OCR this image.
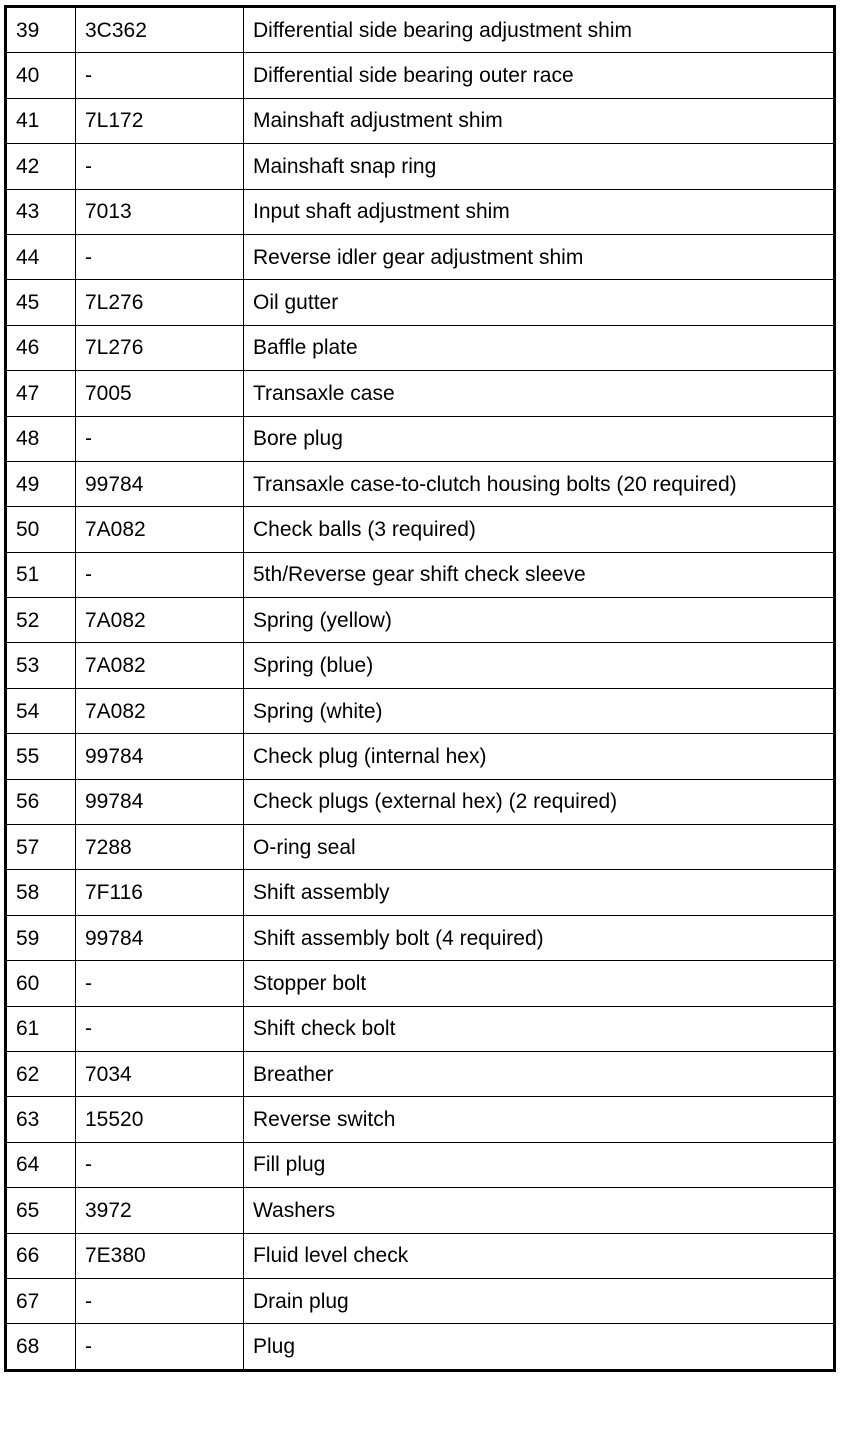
39	3C362	Differential side bearing adjustment shim
40	-	Differential side bearing outer race
41	7L172	Mainshaft adjustment shim
42	-	Mainshaft snap ring
43	7013	Input shaft adjustment shim
44	-	Reverse idler gear adjustment shim
45	7L276	Oil gutter
46	7L276	Baffle plate
47	7005	Transaxle case
48	-	Bore plug
49	99784	Transaxle case-to-clutch housing bolts (20 required)
50	7A082	Check balls (3 required)
51	-	5th/Reverse gear shift check sleeve
52	7A082	Spring (yellow)
53	7A082	Spring (blue)
54	7A082	Spring (white)
55	99784	Check plug (internal hex)
56	99784	Check plugs (external hex) (2 required)
57	7288	O-ring seal
58	7F116	Shift assembly
59	99784	Shift assembly bolt (4 required)
60	-	Stopper bolt
61	-	Shift check bolt
62	7034	Breather
63	15520	Reverse switch
64	-	Fill plug
65	3972	Washers
66	7E380	Fluid level check
67	-	Drain plug
68	-	Plug
